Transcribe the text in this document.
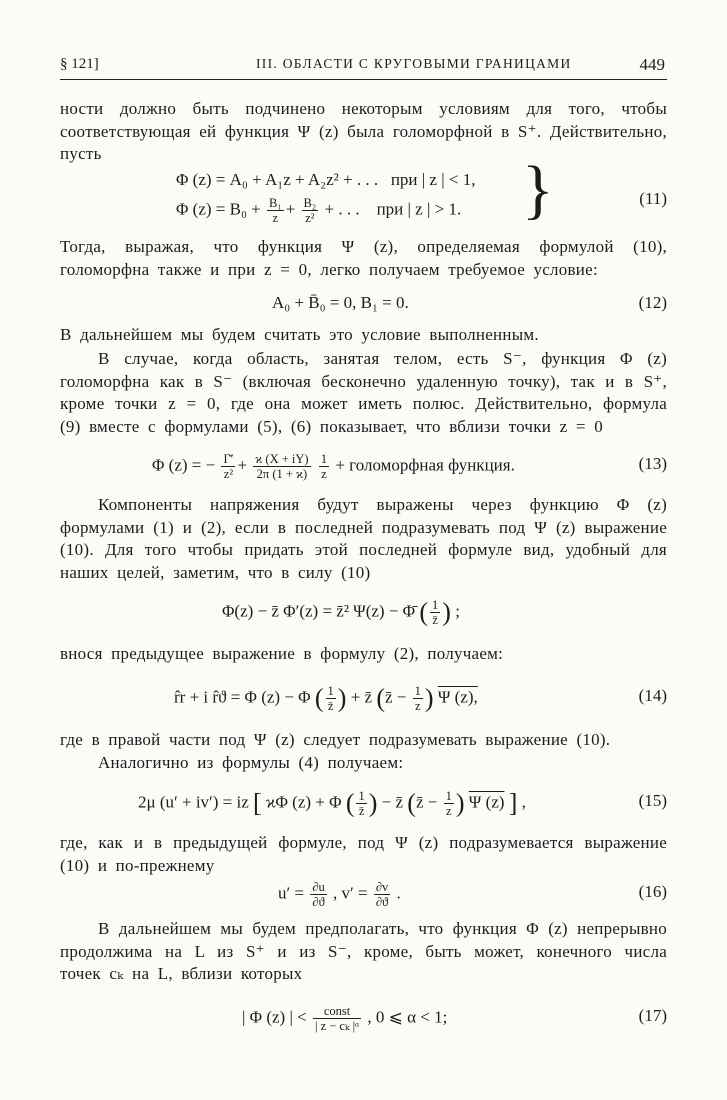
§ 121]	III. ОБЛАСТИ С КРУГОВЫМИ ГРАНИЦАМИ	449
ности должно быть подчинено некоторым условиям для того, чтобы соответствующая ей функция Ψ (z) была голоморфной в S⁺. Действительно, пусть
Φ (z) = A₀ + A₁z + A₂z² + . . . при | z | < 1,
Φ $(z) = B_0 + \frac{\text{B₁}}{z} + \frac{\text{B₂}}{\text{z²}}$ + . . . при | z | > 1. }	(11)
Тогда, выражая, что функция Ψ (z), определяемая формулой (10), голоморфна также и при z = 0, легко получаем требуемое условие:
A₀ + B̄₀ = 0, B₁ = 0.	(12)
В дальнейшем мы будем считать это условие выполненным.
В случае, когда область, занятая телом, есть S⁻, функция Φ (z) голоморфна как в S⁻ (включая бесконечно удаленную точку), так и в S⁺, кроме точки z = 0, где она может иметь полюс. Действительно, формула (9) вместе с формулами (5), (6) показывает, что вблизи точки z = 0
Φ (z) = − $\frac{\Gammā'}{\text{z²}} + \frac{ϰ (X + iY)}{2\pi (1 + ϰ)}$
$\frac{1}{z}$ + голоморфная функция.	(13)
Компоненты напряжения будут выражены через функцию Φ (z) формулами (1) и (2), если в последней подразумевать под Ψ (z) выражение (10). Для того чтобы придать этой последней формуле вид, удобный для наших целей, заметим, что в силу (10)
Φ(z) − z̄ Φ′(z) = z̄² Ψ(z) − Φ̄ ( $\frac{1}{z̄}$ ) ;
внося предыдущее выражение в формулу (2), получаем:
r̂r + i r̂ϑ = Φ (z) − Φ ( $\frac{1}{z̄}$ ) + z̄ (z̄ − $\frac{1}{z}$ ) Ψ (z),	(14)
где в правой части под Ψ (z) следует подразумевать выражение (10).
Аналогично из формулы (4) получаем:
2μ (u′ + iv′) = iz [ ϰΦ (z) + Φ ( $\frac{1}{z̄}$ ) − z̄ (z̄ − $\frac{1}{z}$ ) Ψ (z) ] ,	(15)
где, как и в предыдущей формуле, под Ψ (z) подразумевается выражение (10) и по-прежнему
$u' = \frac{\partial u}{\partial ϑ}$ , $v' = \frac{\partial v}{\partial ϑ}$ .	(16)
В дальнейшем мы будем предполагать, что функция Φ (z) непрерывно продолжима на L из S⁺ и из S⁻, кроме, быть может, конечного числа точек cₖ на L, вблизи которых
| Φ (z) | < $\frac{\text{const}}{\text{| z − cₖ |ᵅ}}$ , 0 ⩽ α < 1;	(17)
